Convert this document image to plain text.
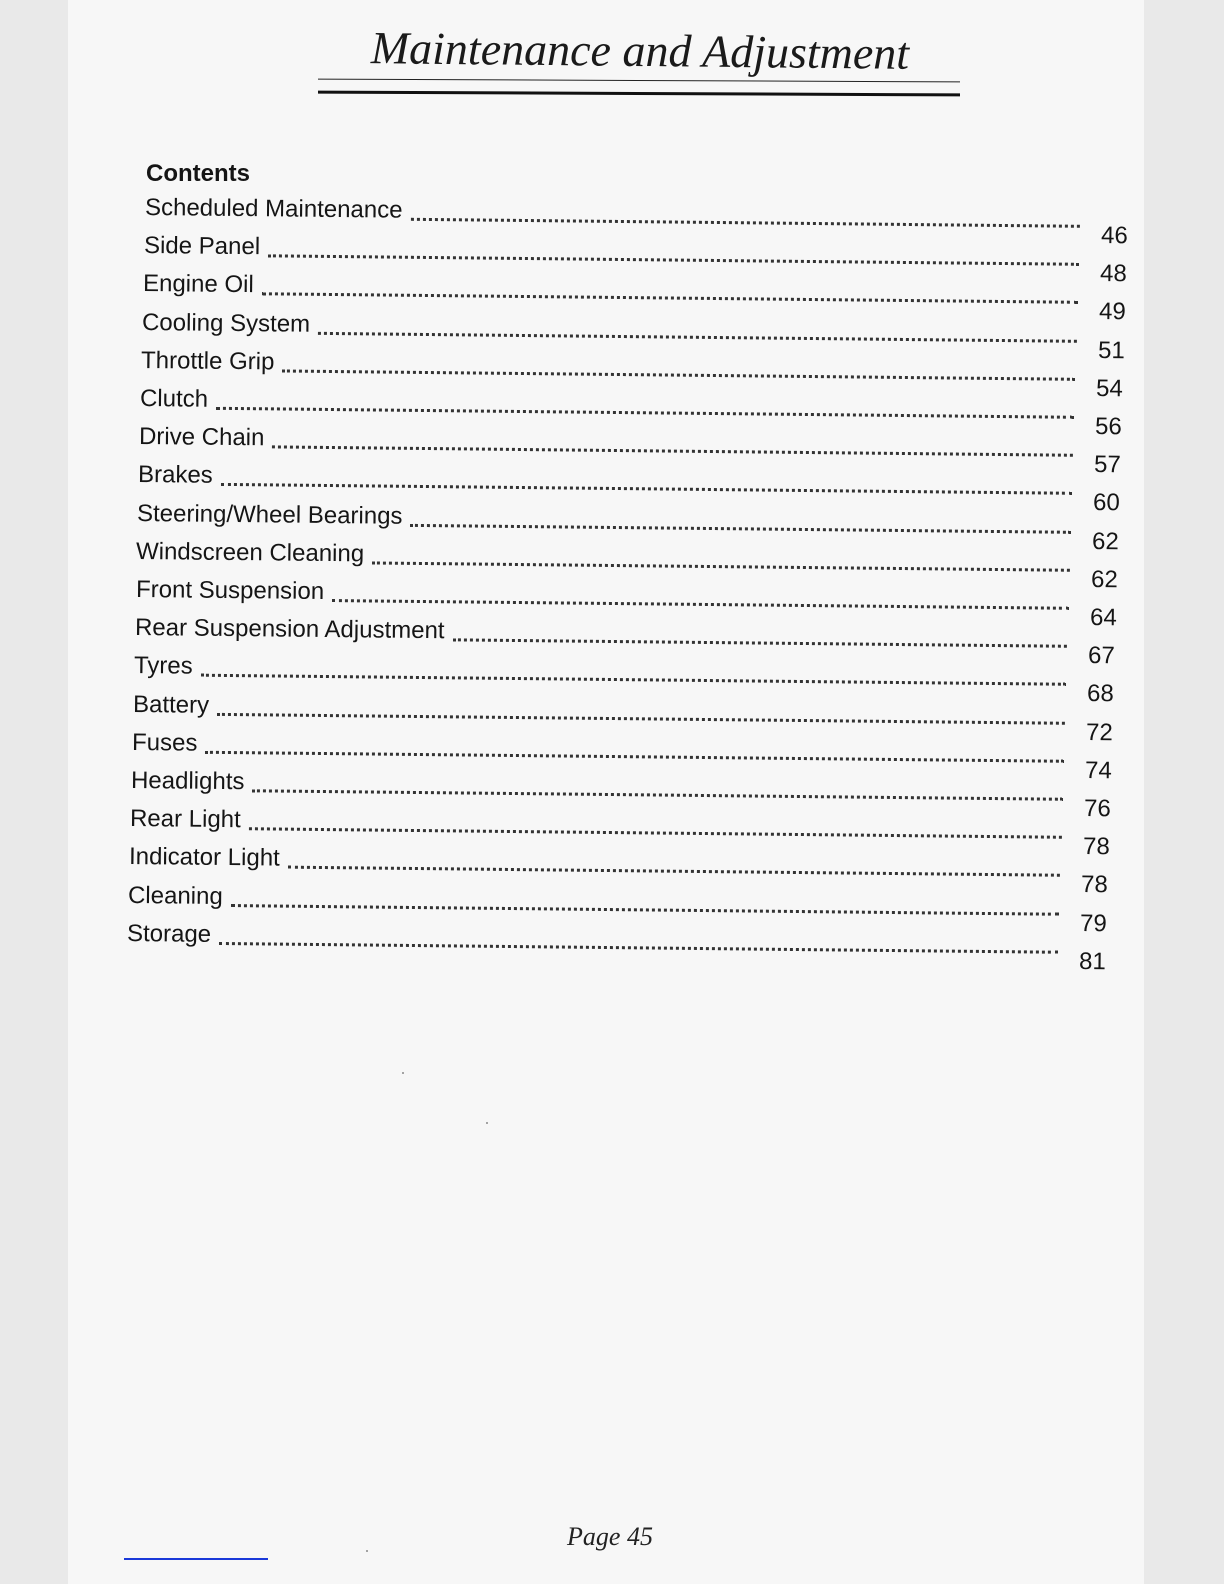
Maintenance and Adjustment
Contents
Scheduled Maintenance
46
Side Panel
48
Engine Oil
49
Cooling System
51
Throttle Grip
54
Clutch
56
Drive Chain
57
Brakes
60
Steering/Wheel Bearings
62
Windscreen Cleaning
62
Front Suspension
64
Rear Suspension Adjustment
67
Tyres
68
Battery
72
Fuses
74
Headlights
76
Rear Light
78
Indicator Light
78
Cleaning
79
Storage
81
Page 45
